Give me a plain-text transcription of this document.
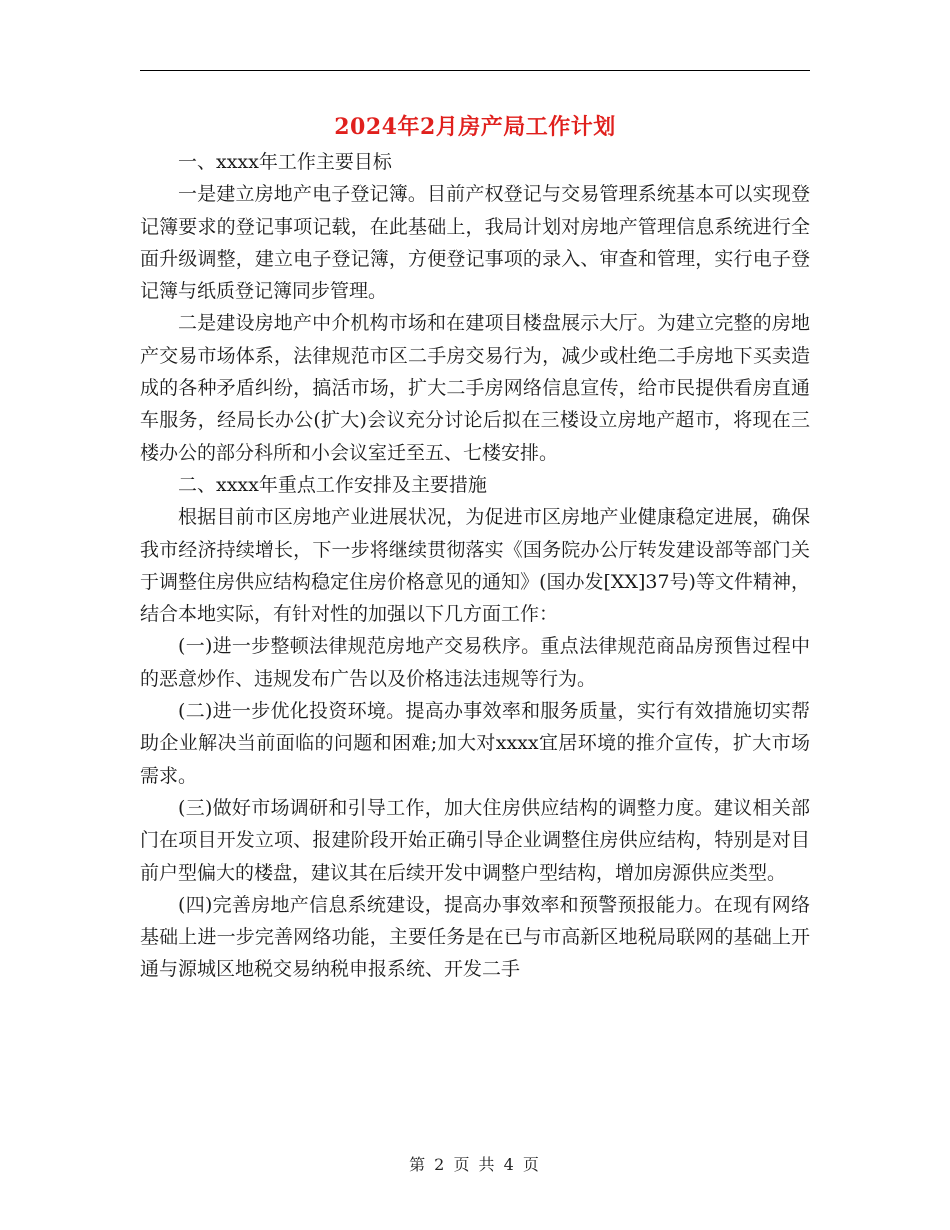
2024年2月房产局工作计划

一、xxxx年工作主要目标

一是建立房地产电子登记簿。目前产权登记与交易管理系统基本可以实现登记簿要求的登记事项记载，在此基础上，我局计划对房地产管理信息系统进行全面升级调整，建立电子登记簿，方便登记事项的录入、审查和管理，实行电子登记簿与纸质登记簿同步管理。

二是建设房地产中介机构市场和在建项目楼盘展示大厅。为建立完整的房地产交易市场体系，法律规范市区二手房交易行为，减少或杜绝二手房地下买卖造成的各种矛盾纠纷，搞活市场，扩大二手房网络信息宣传，给市民提供看房直通车服务，经局长办公(扩大)会议充分讨论后拟在三楼设立房地产超市，将现在三楼办公的部分科所和小会议室迁至五、七楼安排。

二、xxxx年重点工作安排及主要措施

根据目前市区房地产业进展状况，为促进市区房地产业健康稳定进展，确保我市经济持续增长，下一步将继续贯彻落实《国务院办公厅转发建设部等部门关于调整住房供应结构稳定住房价格意见的通知》(国办发[XX]37号)等文件精神，结合本地实际，有针对性的加强以下几方面工作：

(一)进一步整顿法律规范房地产交易秩序。重点法律规范商品房预售过程中的恶意炒作、违规发布广告以及价格违法违规等行为。

(二)进一步优化投资环境。提高办事效率和服务质量，实行有效措施切实帮助企业解决当前面临的问题和困难;加大对xxxx宜居环境的推介宣传，扩大市场需求。

(三)做好市场调研和引导工作，加大住房供应结构的调整力度。建议相关部门在项目开发立项、报建阶段开始正确引导企业调整住房供应结构，特别是对目前户型偏大的楼盘，建议其在后续开发中调整户型结构，增加房源供应类型。

(四)完善房地产信息系统建设，提高办事效率和预警预报能力。在现有网络基础上进一步完善网络功能，主要任务是在已与市高新区地税局联网的基础上开通与源城区地税交易纳税申报系统、开发二手

第 2 页 共 4 页
